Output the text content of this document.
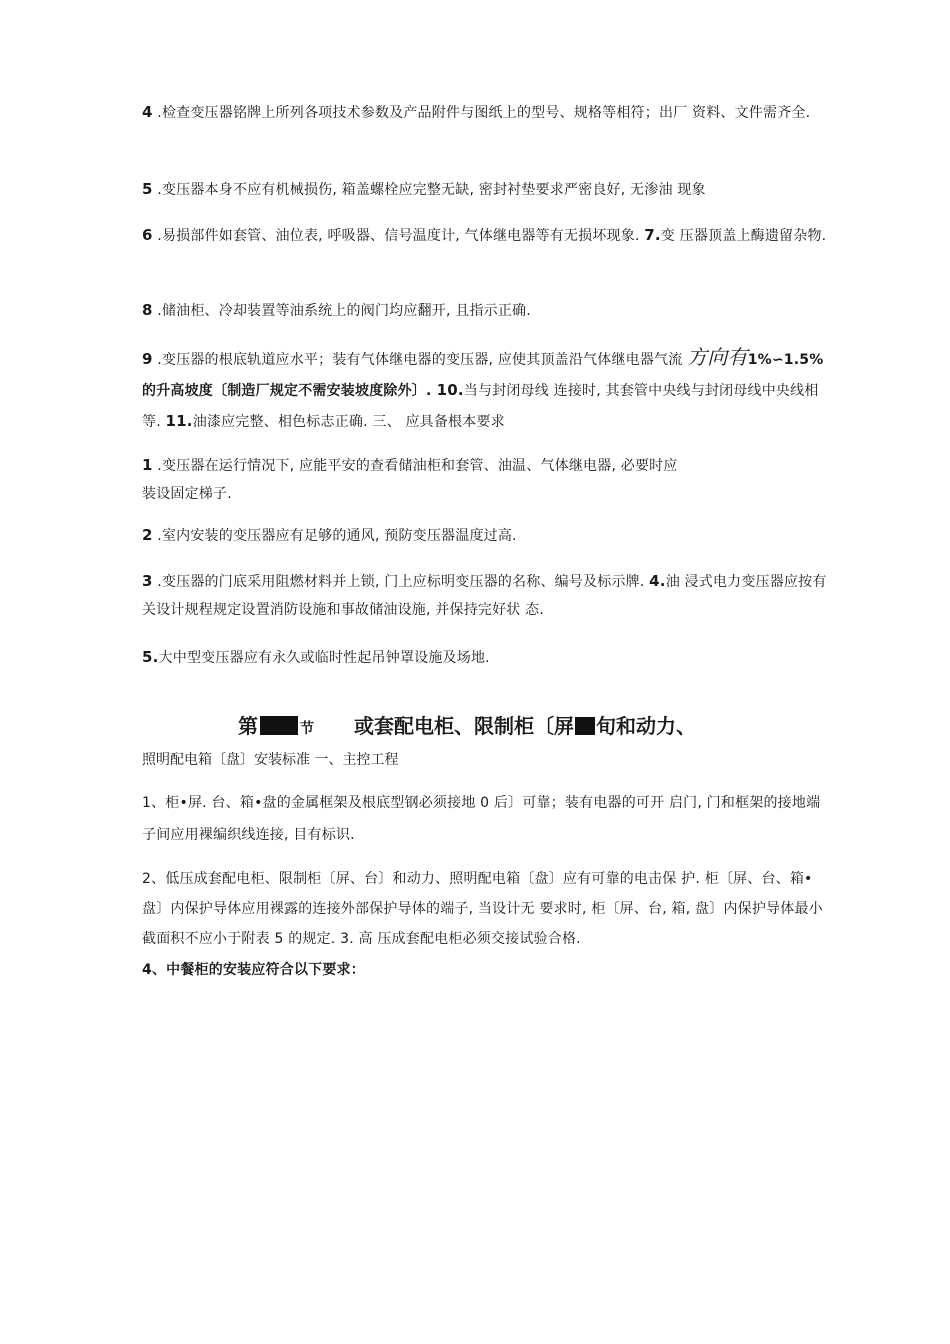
4 .检查变压器铭牌上所列各项技术参数及产品附件与图纸上的型号、规格等相符；出厂 资料、文件需齐全.
5 .变压器本身不应有机械损伤, 箱盖螺栓应完整无缺, 密封衬垫要求严密良好, 无渗油 现象
6 .易损部件如套管、油位表, 呼吸器、信号温度计, 气体继电器等有无损坏现象. 7.变 压器顶盖上酶遗留杂物.
8 .储油柜、冷却装置等油系统上的阀门均应翻开, 且指示正确.
9 .变压器的根底轨道应水平；装有气体继电器的变压器, 应使其顶盖沿气体继电器气流 方向有1%∽1.5%的升高坡度〔制造厂规定不需安装坡度除外〕. 10.当与封闭母线 连接时, 其套管中央线与封闭母线中央线相等. 11.油漆应完整、相色标志正确. 三、 应具备根本要求
1 .变压器在运行情况下, 应能平安的查看储油柜和套管、油温、气体继电器, 必要时应
装设固定梯子.
2 .室内安装的变压器应有足够的通风, 预防变压器温度过高.
3 .变压器的门底采用阻燃材料并上锁, 门上应标明变压器的名称、编号及标示牌. 4.油 浸式电力变压器应按有关设计规程规定设置消防设施和事故储油设施, 并保持完好状 态.
5.大中型变压器应有永久或临时性起吊钟罩设施及场地.
第	节 或套配电柜、限制柜〔屏 旬和动力、
照明配电箱〔盘〕安装标准 一、主控工程
1、柜•屏. 台、箱•盘的金属框架及根底型钢必须接地 0 后〕可靠；装有电器的可开 启门, 门和框架的接地端子间应用裸编织线连接, 目有标识.
2、低压成套配电柜、限制柜〔屏、台〕和动力、照明配电箱〔盘〕应有可靠的电击保 护. 柜〔屏、台、箱•盘〕内保护导体应用裸露的连接外部保护导体的端子, 当设计无 要求时, 柜〔屏、台, 箱, 盘〕内保护导体最小截面积不应小于附表 5 的规定. 3. 高 压成套配电柜必须交接试验合格.
4、中餐柜的安装应符合以下要求：
